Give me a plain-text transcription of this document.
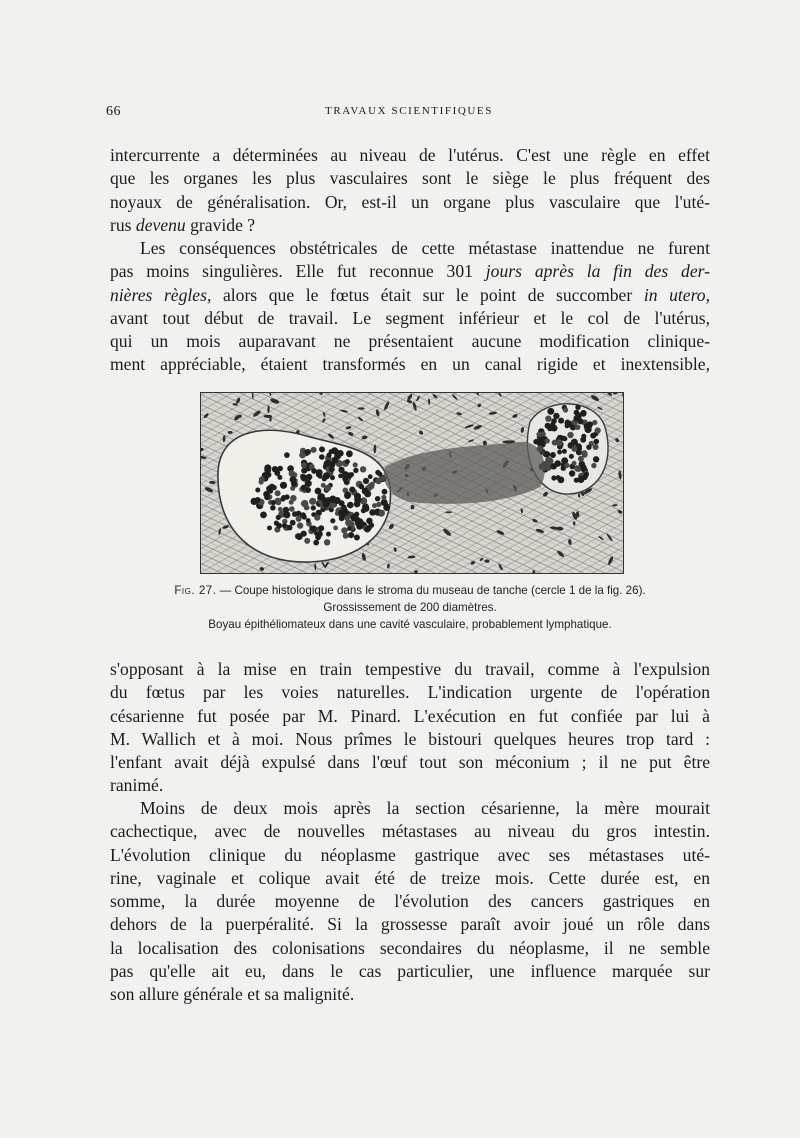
66	TRAVAUX SCIENTIFIQUES
intercurrente a déterminées au niveau de l'utérus. C'est une règle en effet
que les organes les plus vasculaires sont le siège le plus fréquent des
noyaux de généralisation. Or, est-il un organe plus vasculaire que l'uté-
rus devenu gravide ?
Les conséquences obstétricales de cette métastase inattendue ne furent
pas moins singulières. Elle fut reconnue 301 jours après la fin des der-
nières règles, alors que le fœtus était sur le point de succomber in utero,
avant tout début de travail. Le segment inférieur et le col de l'utérus,
qui un mois auparavant ne présentaient aucune modification clinique-
ment appréciable, étaient transformés en un canal rigide et inextensible,
Fig. 27. — Coupe histologique dans le stroma du museau de tanche (cercle 1 de la fig. 26).
Grossissement de 200 diamètres.
Boyau épithéliomateux dans une cavité vasculaire, probablement lymphatique.
s'opposant à la mise en train tempestive du travail, comme à l'expulsion
du fœtus par les voies naturelles. L'indication urgente de l'opération
césarienne fut posée par M. Pinard. L'exécution en fut confiée par lui à
M. Wallich et à moi. Nous prîmes le bistouri quelques heures trop tard :
l'enfant avait déjà expulsé dans l'œuf tout son méconium ; il ne put être
ranimé.
Moins de deux mois après la section césarienne, la mère mourait
cachectique, avec de nouvelles métastases au niveau du gros intestin.
L'évolution clinique du néoplasme gastrique avec ses métastases uté-
rine, vaginale et colique avait été de treize mois. Cette durée est, en
somme, la durée moyenne de l'évolution des cancers gastriques en
dehors de la puerpéralité. Si la grossesse paraît avoir joué un rôle dans
la localisation des colonisations secondaires du néoplasme, il ne semble
pas qu'elle ait eu, dans le cas particulier, une influence marquée sur
son allure générale et sa malignité.
